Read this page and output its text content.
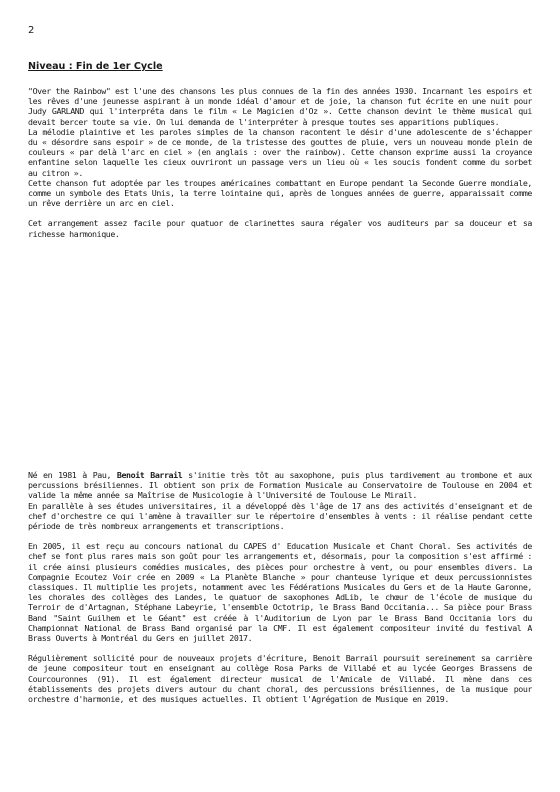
2
Niveau : Fin de 1er Cycle

"Over the Rainbow" est l'une des chansons les plus connues de la fin des années 1930. Incarnant les espoirs et les rêves d'une jeunesse aspirant à un monde idéal d'amour et de joie, la chanson fut écrite en une nuit pour Judy GARLAND qui l'interpréta dans le film « Le Magicien d'Oz ». Cette chanson devint le thème musical qui devait bercer toute sa vie. On lui demanda de l'interpréter à presque toutes ses apparitions publiques.

La mélodie plaintive et les paroles simples de la chanson racontent le désir d'une adolescente de s'échapper du « désordre sans espoir » de ce monde, de la tristesse des gouttes de pluie, vers un nouveau monde plein de couleurs « par delà l'arc en ciel » (en anglais : over the rainbow). Cette chanson exprime aussi la croyance enfantine selon laquelle les cieux ouvriront un passage vers un lieu où « les soucis fondent comme du sorbet au citron ».

Cette chanson fut adoptée par les troupes américaines combattant en Europe pendant la Seconde Guerre mondiale, comme un symbole des Etats Unis, la terre lointaine qui, après de longues années de guerre, apparaissait comme un rêve derrière un arc en ciel.

Cet arrangement assez facile pour quatuor de clarinettes saura régaler vos auditeurs par sa douceur et sa richesse harmonique.

Né en 1981 à Pau, Benoit Barrail s'initie très tôt au saxophone, puis plus tardivement au trombone et aux percussions brésiliennes. Il obtient son prix de Formation Musicale au Conservatoire de Toulouse en 2004 et valide la même année sa Maîtrise de Musicologie à l'Université de Toulouse Le Mirail.

En parallèle à ses études universitaires, il a développé dès l'âge de 17 ans des activités d'enseignant et de chef d'orchestre ce qui l'amène à travailler sur le répertoire d'ensembles à vents : il réalise pendant cette période de très nombreux arrangements et transcriptions.

En 2005, il est reçu au concours national du CAPES d' Education Musicale et Chant Choral. Ses activités de chef se font plus rares mais son goût pour les arrangements et, désormais, pour la composition s'est affirmé : il crée ainsi plusieurs comédies musicales, des pièces pour orchestre à vent, ou pour ensembles divers. La Compagnie Ecoutez Voir crée en 2009 « La Planète Blanche » pour chanteuse lyrique et deux percussionnistes classiques. Il multiplie les projets, notamment avec les Fédérations Musicales du Gers et de la Haute Garonne, les chorales des collèges des Landes, le quatuor de saxophones AdLib, le chœur de l'école de musique du Terroir de d'Artagnan, Stéphane Labeyrie, l'ensemble Octotrip, le Brass Band Occitania... Sa pièce pour Brass Band "Saint Guilhem et le Géant" est créée à l'Auditorium de Lyon par le Brass Band Occitania lors du Championnat National de Brass Band organisé par la CMF. Il est également compositeur invité du festival A Brass Ouverts à Montréal du Gers en juillet 2017.

Régulièrement sollicité pour de nouveaux projets d'écriture, Benoit Barrail poursuit sereinement sa carrière de jeune compositeur tout en enseignant au collège Rosa Parks de Villabé et au lycée Georges Brassens de Courcouronnes (91). Il est également directeur musical de l'Amicale de Villabé. Il mène dans ces établissements des projets divers autour du chant choral, des percussions brésiliennes, de la musique pour orchestre d'harmonie, et des musiques actuelles. Il obtient l'Agrégation de Musique en 2019.
